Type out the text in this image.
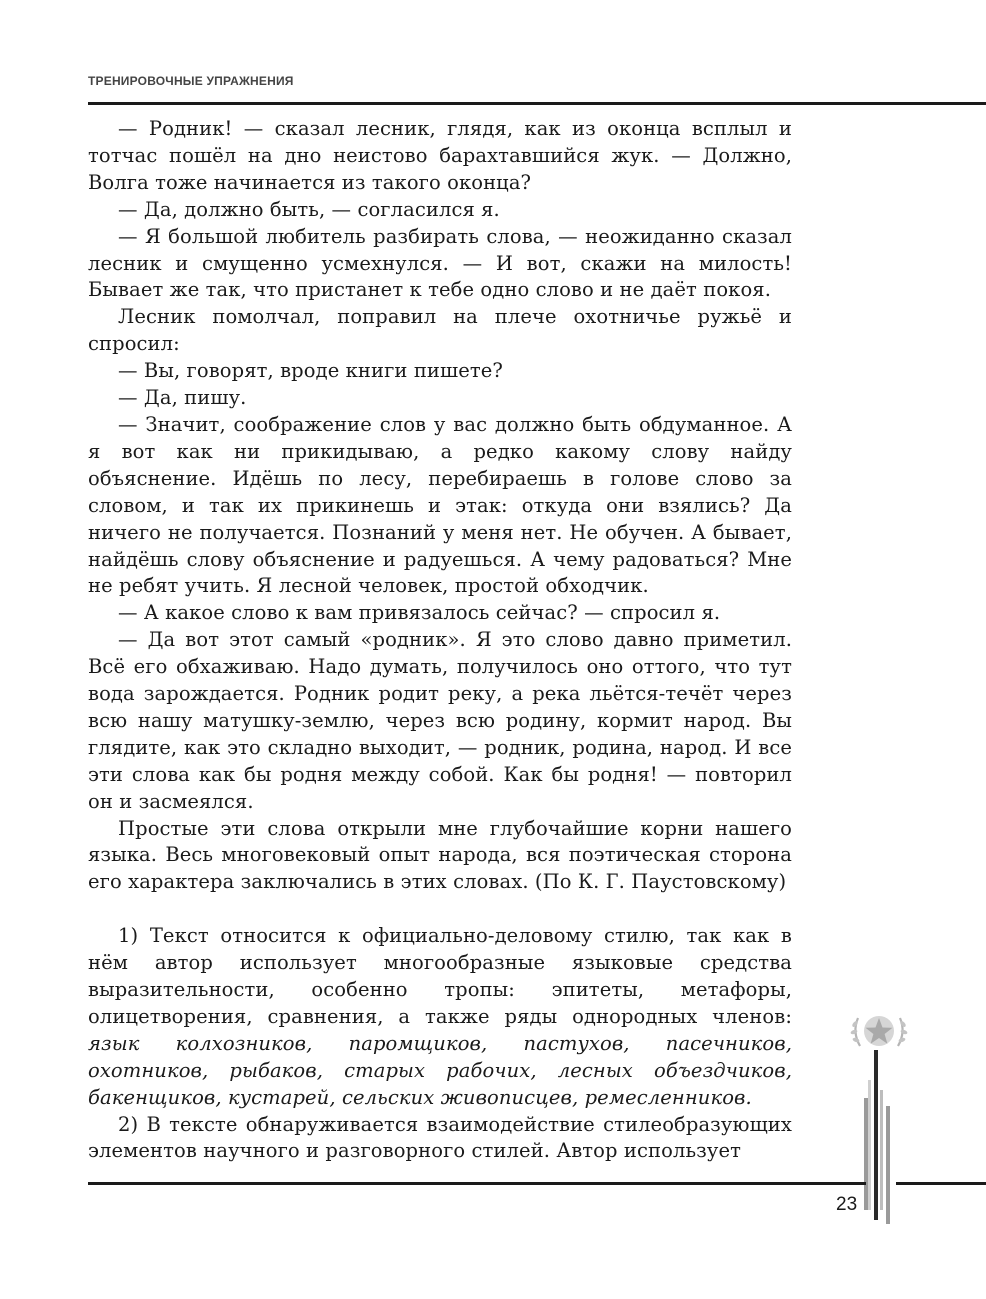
ТРЕНИРОВОЧНЫЕ УПРАЖНЕНИЯ

— Родник! — сказал лесник, глядя, как из оконца всплыл и тотчас пошёл на дно неистово барахтавшийся жук. — Должно, Волга тоже начинается из такого оконца?

— Да, должно быть, — согласился я.

— Я большой любитель разбирать слова, — неожиданно сказал лесник и смущенно усмехнулся. — И вот, скажи на милость! Бывает же так, что пристанет к тебе одно слово и не даёт покоя.

Лесник помолчал, поправил на плече охотничье ружьё и спросил:

— Вы, говорят, вроде книги пишете?

— Да, пишу.

— Значит, соображение слов у вас должно быть обдуманное. А я вот как ни прикидываю, а редко какому слову найду объяснение. Идёшь по лесу, перебираешь в голове слово за словом, и так их прикинешь и этак: откуда они взялись? Да ничего не получается. Познаний у меня нет. Не обучен. А бывает, найдёшь слову объяснение и радуешься. А чему радоваться? Мне не ребят учить. Я лесной человек, простой обходчик.

— А какое слово к вам привязалось сейчас? — спросил я.

— Да вот этот самый «родник». Я это слово давно приметил. Всё его обхаживаю. Надо думать, получилось оно оттого, что тут вода зарождается. Родник родит реку, а река льётся-течёт через всю нашу матушку-землю, через всю родину, кормит народ. Вы глядите, как это складно выходит, — родник, родина, народ. И все эти слова как бы родня между собой. Как бы родня! — повторил он и засмеялся.

Простые эти слова открыли мне глубочайшие корни нашего языка. Весь многовековый опыт народа, вся поэтическая сторона его характера заключались в этих словах. (По К. Г. Паустовскому)

1) Текст относится к официально-деловому стилю, так как в нём автор использует многообразные языковые средства выразительности, особенно тропы: эпитеты, метафоры, олицетворения, сравнения, а также ряды однородных членов: язык колхозников, паромщиков, пастухов, пасечников, охотников, рыбаков, старых рабочих, лесных объездчиков, бакенщиков, кустарей, сельских живописцев, ремесленников.

2) В тексте обнаруживается взаимодействие стилеобразующих элементов научного и разговорного стилей. Автор использует

23
